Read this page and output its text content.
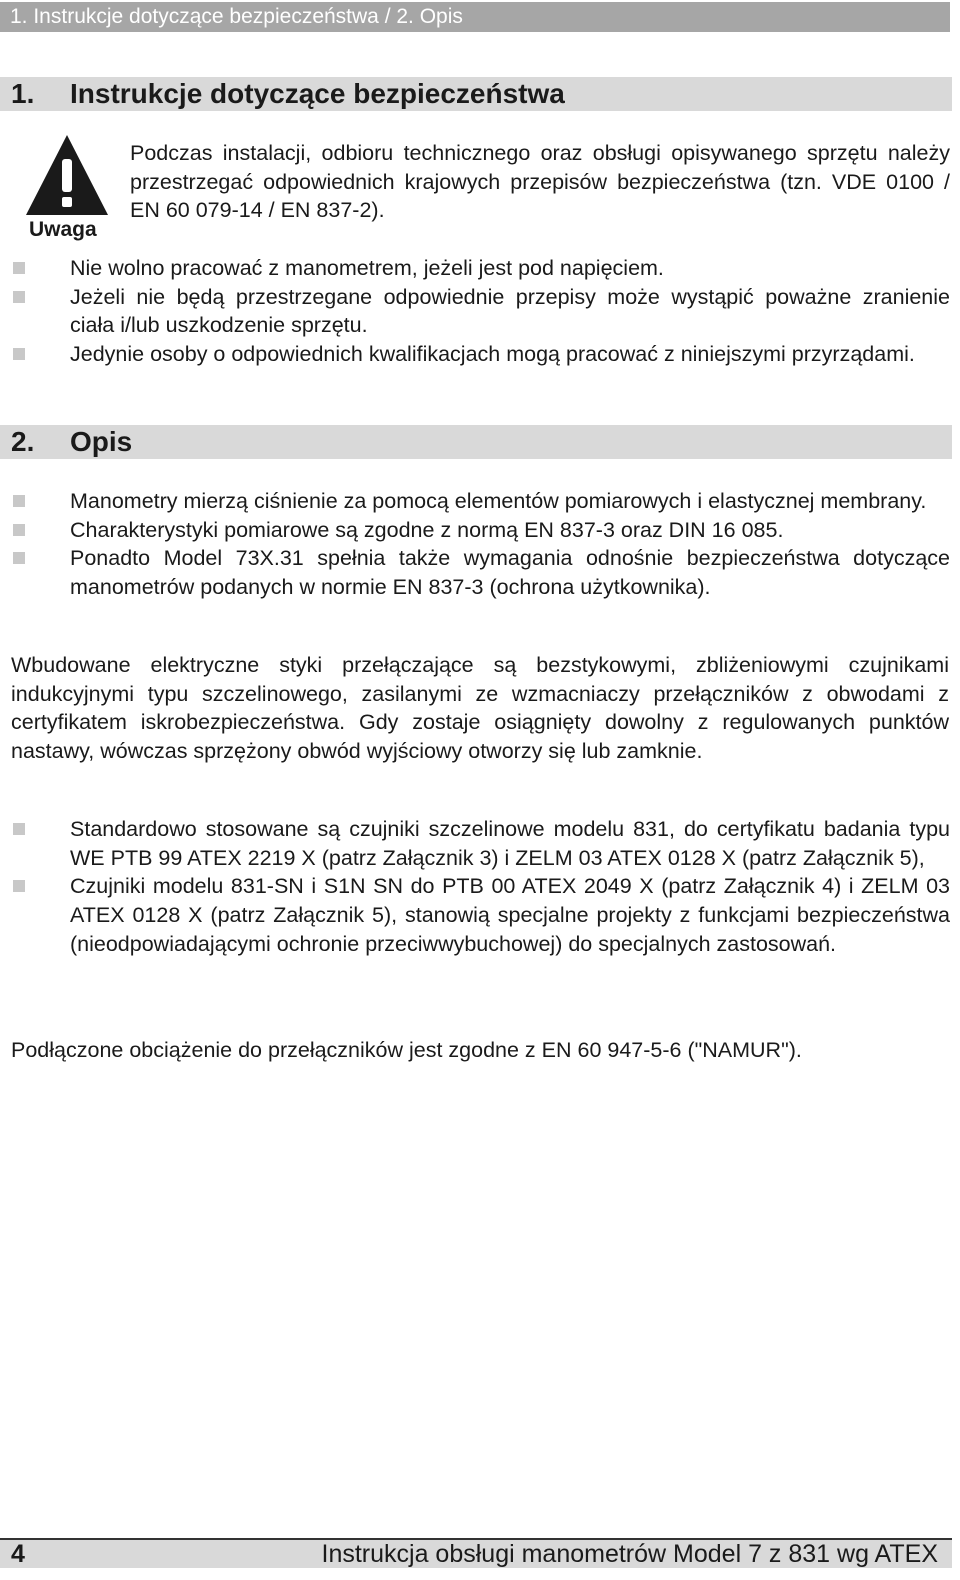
1. Instrukcje dotyczące bezpieczeństwa / 2. Opis
1. Instrukcje dotyczące bezpieczeństwa
Uwaga
Podczas instalacji, odbioru technicznego oraz obsługi opisywanego sprzętu należy przestrzegać odpowiednich krajowych przepisów bezpieczeństwa (tzn. VDE 0100 / EN 60 079-14 / EN 837-2).
Nie wolno pracować z manometrem, jeżeli jest pod napięciem.
Jeżeli nie będą przestrzegane odpowiednie przepisy może wystąpić poważne zranienie ciała i/lub uszkodzenie sprzętu.
Jedynie osoby o odpowiednich kwalifikacjach mogą pracować z niniejszymi przyrządami.
2. Opis
Manometry mierzą ciśnienie za pomocą elementów pomiarowych i elastycznej membrany.
Charakterystyki pomiarowe są zgodne z normą EN 837-3 oraz DIN 16 085.
Ponadto Model 73X.31 spełnia także wymagania odnośnie bezpieczeństwa dotyczące manometrów podanych w normie EN 837-3 (ochrona użytkownika).
Wbudowane elektryczne styki przełączające są bezstykowymi, zbliżeniowymi czujnikami indukcyjnymi typu szczelinowego, zasilanymi ze wzmacniaczy przełączników z obwodami z certyfikatem iskrobezpieczeństwa. Gdy zostaje osiągnięty dowolny z regulowanych punktów nastawy, wówczas sprzężony obwód wyjściowy otworzy się lub zamknie.
Standardowo stosowane są czujniki szczelinowe modelu 831, do certyfikatu badania typu WE PTB 99 ATEX 2219 X (patrz Załącznik 3) i ZELM 03 ATEX 0128 X (patrz Załącznik 5),
Czujniki modelu 831-SN i S1N SN do PTB 00 ATEX 2049 X (patrz Załącznik 4) i ZELM 03 ATEX 0128 X (patrz Załącznik 5), stanowią specjalne projekty z funkcjami bezpieczeństwa (nieodpowiadającymi ochronie przeciwwybuchowej) do specjalnych zastosowań.
Podłączone obciążenie do przełączników jest zgodne z EN 60 947-5-6 ("NAMUR").
4	Instrukcja obsługi manometrów Model 7 z 831 wg ATEX
